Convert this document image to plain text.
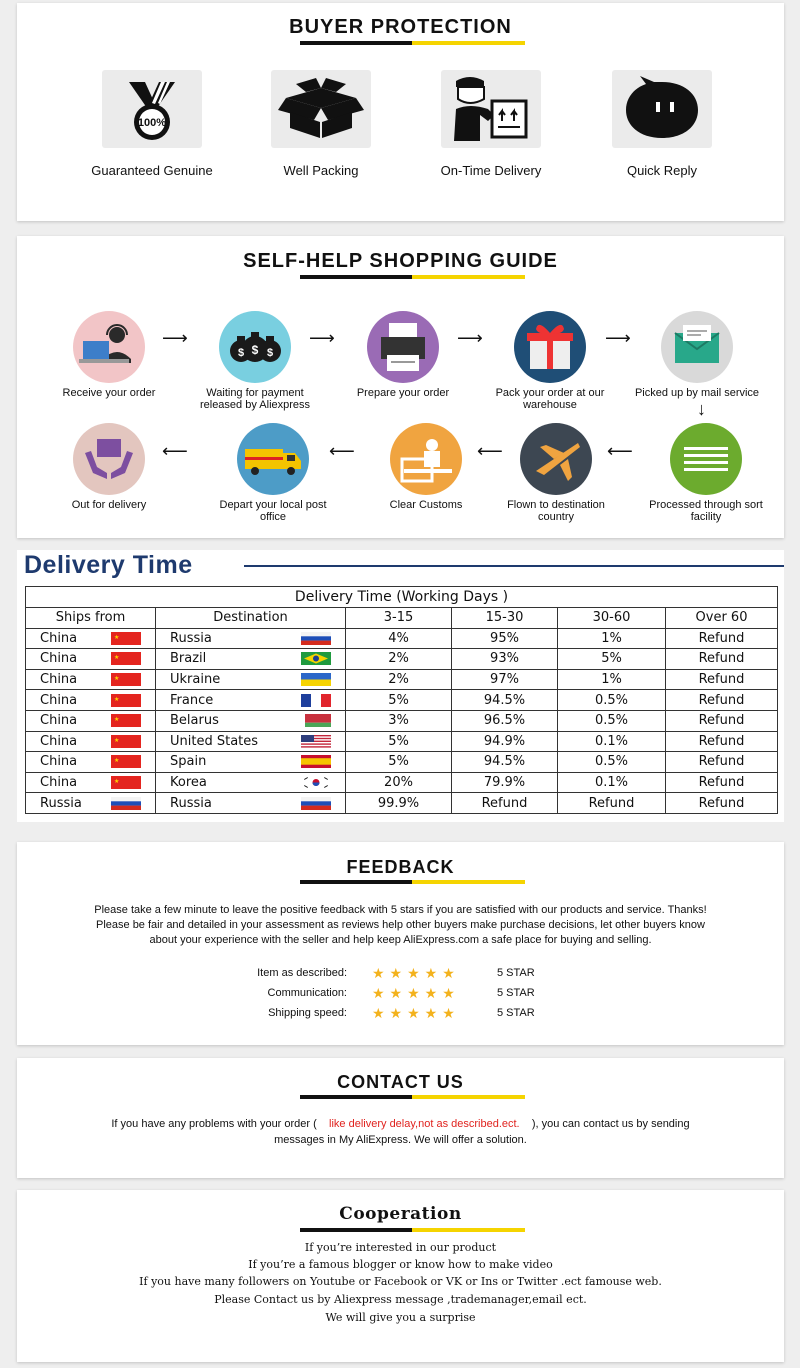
BUYER PROTECTION
100%
Guaranteed Genuine	Well Packing	On-Time Delivery	Quick Reply
SELF-HELP SHOPPING GUIDE
Receive your order
⟶
$ $ $
Waiting for payment released by Aliexpress
⟶
Prepare your order
⟶
Pack your order at our warehouse
⟶
Picked up by mail service
↓
Out for delivery
⟵
Depart your local post office
⟵
Clear Customs
⟵
Flown to destination country
⟵
Processed through sort facility
Delivery Time
Delivery Time (Working Days )					
Ships from	Destination	3-15	15-30	30-60	Over 60

China ★	Russia	4%	95%	1%	Refund

China ★	Brazil	2%	93%	5%	Refund

China ★	Ukraine	2%	97%	1%	Refund

China ★	France	5%	94.5%	0.5%	Refund

China ★	Belarus	3%	96.5%	0.5%	Refund

China ★	United States	5%	94.9%	0.1%	Refund

China ★	Spain	5%	94.5%	0.5%	Refund

China ★	Korea	20%	79.9%	0.1%	Refund

Russia	Russia	99.9%	Refund	Refund	Refund
FEEDBACK
Please take a few minute to leave the positive feedback with 5 stars if you are satisfied with our products and service. Thanks!
Please be fair and detailed in your assessment as reviews help other buyers make purchase decisions, let other buyers know
about your experience with the seller and help keep AliExpress.com a safe place for buying and selling.
Item as described: ★★★★★	5 STAR
Communication: ★★★★★	5 STAR
Shipping speed: ★★★★★	5 STAR
CONTACT US
If you have any problems with your order ( like delivery delay,not as described.ect. ), you can contact us by sending
messages in My AliExpress. We will offer a solution.
Cooperation
If you’re interested in our product
If you’re a famous blogger or know how to make video
If you have many followers on Youtube or Facebook or VK or Ins or Twitter .ect famouse web.
Please Contact us by Aliexpress message ,trademanager,email ect.
We will give you a surprise
